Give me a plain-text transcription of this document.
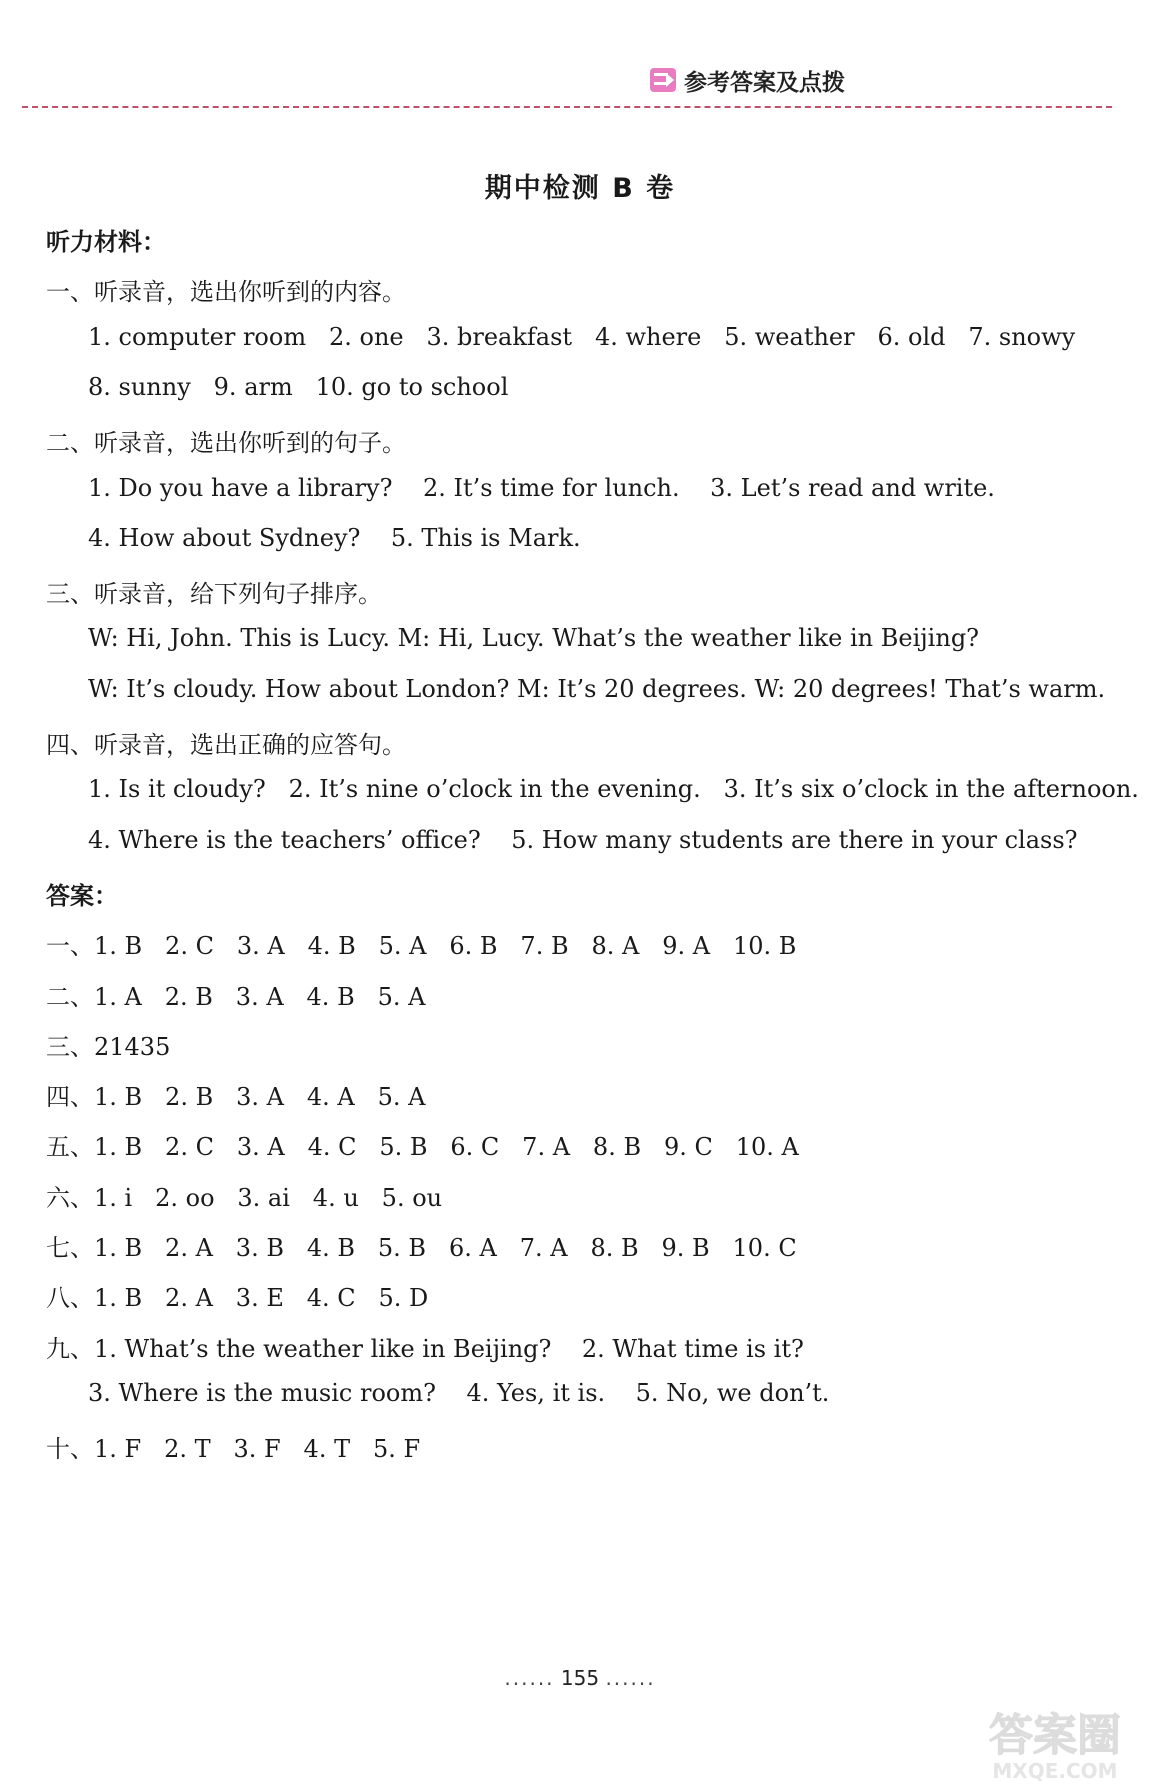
参考答案及点拨
期中检测 B 卷
听力材料：
一、听录音，选出你听到的内容。
1. computer room   2. one   3. breakfast   4. where   5. weather   6. old   7. snowy
8. sunny   9. arm   10. go to school
二、听录音，选出你听到的句子。
1. Do you have a library?    2. It’s time for lunch.    3. Let’s read and write.
4. How about Sydney?    5. This is Mark.
三、听录音，给下列句子排序。
W: Hi, John. This is Lucy. M: Hi, Lucy. What’s the weather like in Beijing?
W: It’s cloudy. How about London? M: It’s 20 degrees. W: 20 degrees! That’s warm.
四、听录音，选出正确的应答句。
1. Is it cloudy?   2. It’s nine o’clock in the evening.   3. It’s six o’clock in the afternoon.
4. Where is the teachers’ office?    5. How many students are there in your class?
答案：
一、1. B   2. C   3. A   4. B   5. A   6. B   7. B   8. A   9. A   10. B
二、1. A   2. B   3. A   4. B   5. A
三、21435
四、1. B   2. B   3. A   4. A   5. A
五、1. B   2. C   3. A   4. C   5. B   6. C   7. A   8. B   9. C   10. A
六、1. i   2. oo   3. ai   4. u   5. ou
七、1. B   2. A   3. B   4. B   5. B   6. A   7. A   8. B   9. B   10. C
八、1. B   2. A   3. E   4. C   5. D
九、1. What’s the weather like in Beijing?    2. What time is it?
3. Where is the music room?    4. Yes, it is.    5. No, we don’t.
十、1. F   2. T   3. F   4. T   5. F
...... 155 ......
答案圈
MXQE.COM
